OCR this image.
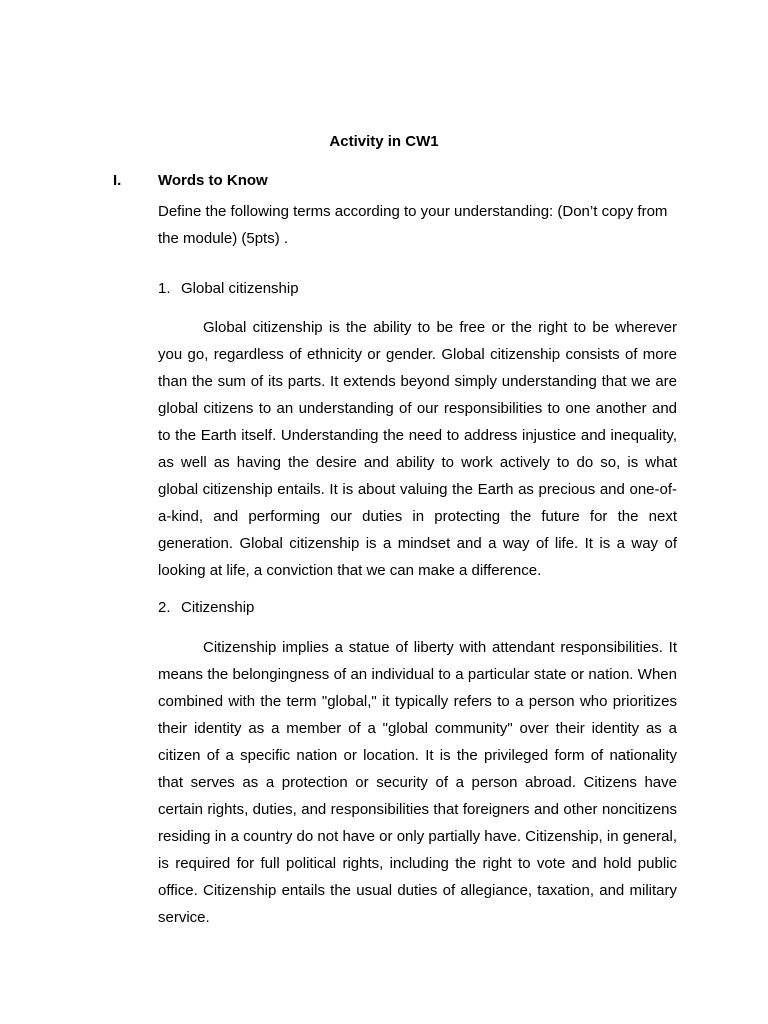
Activity in CW1
I. Words to Know
Define the following terms according to your understanding: (Don’t copy from the module) (5pts) .
1. Global citizenship

Global citizenship is the ability to be free or the right to be wherever you go, regardless of ethnicity or gender. Global citizenship consists of more than the sum of its parts. It extends beyond simply understanding that we are global citizens to an understanding of our responsibilities to one another and to the Earth itself. Understanding the need to address injustice and inequality, as well as having the desire and ability to work actively to do so, is what global citizenship entails. It is about valuing the Earth as precious and one-of-a-kind, and performing our duties in protecting the future for the next generation. Global citizenship is a mindset and a way of life. It is a way of looking at life, a conviction that we can make a difference.

2. Citizenship

Citizenship implies a statue of liberty with attendant responsibilities. It means the belongingness of an individual to a particular state or nation. When combined with the term "global," it typically refers to a person who prioritizes their identity as a member of a "global community" over their identity as a citizen of a specific nation or location. It is the privileged form of nationality that serves as a protection or security of a person abroad. Citizens have certain rights, duties, and responsibilities that foreigners and other noncitizens residing in a country do not have or only partially have. Citizenship, in general, is required for full political rights, including the right to vote and hold public office. Citizenship entails the usual duties of allegiance, taxation, and military service.
